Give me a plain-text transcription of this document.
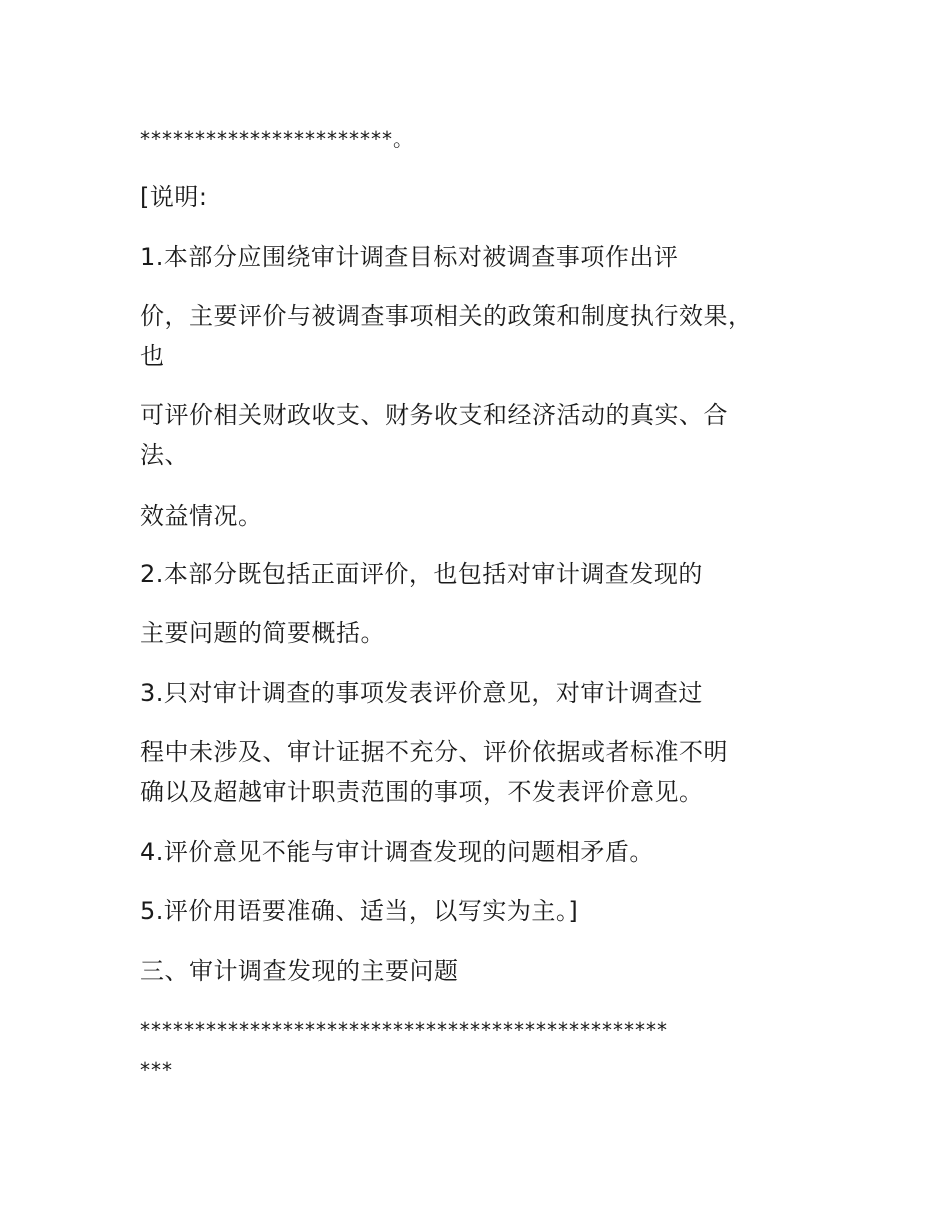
***********************。
[说明:
1.本部分应围绕审计调查目标对被调查事项作出评
价，主要评价与被调查事项相关的政策和制度执行效果，
也
可评价相关财政收支、财务收支和经济活动的真实、合
法、
效益情况。
2.本部分既包括正面评价，也包括对审计调查发现的
主要问题的简要概括。
3.只对审计调查的事项发表评价意见，对审计调查过
程中未涉及、审计证据不充分、评价依据或者标准不明
确以及超越审计职责范围的事项，不发表评价意见。
4.评价意见不能与审计调查发现的问题相矛盾。
5.评价用语要准确、适当，以写实为主。]
三、审计调查发现的主要问题
************************************************
***
